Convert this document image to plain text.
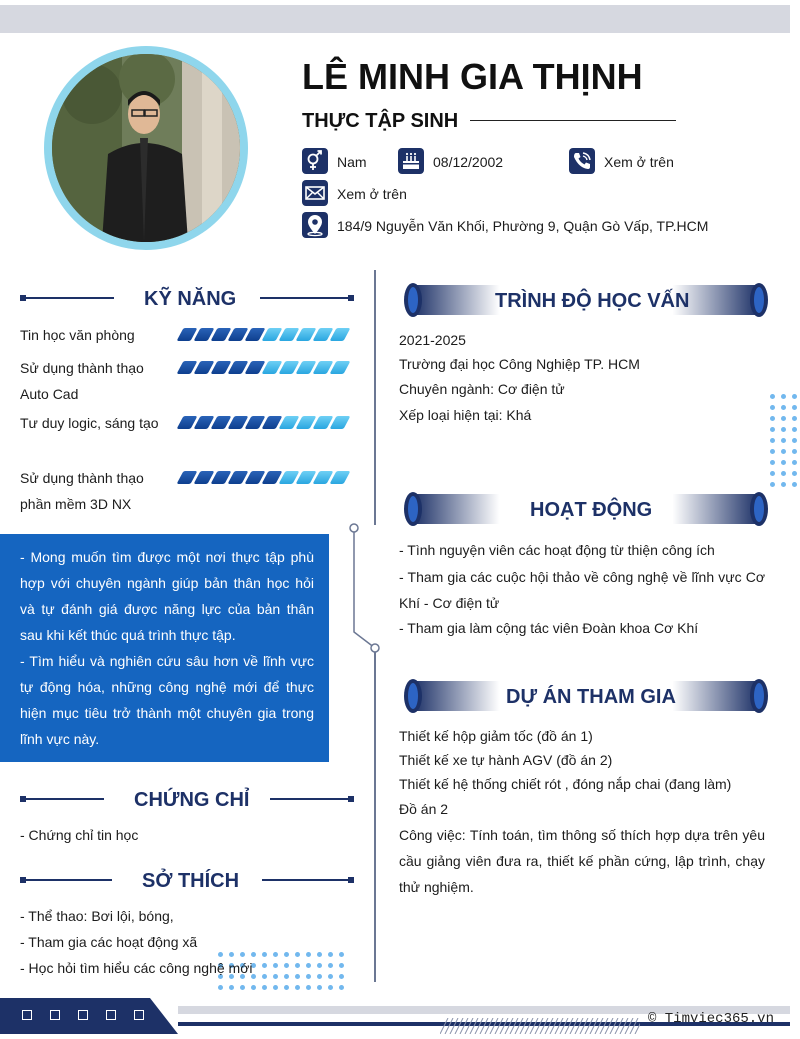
LÊ MINH GIA THỊNH
THỰC TẬP SINH
Nam	08/12/2002	Xem ở trên
Xem ở trên
184/9 Nguyễn Văn Khối, Phường 9, Quận Gò Vấp, TP.HCM
KỸ NĂNG
Tin học văn phòng
Sử dụng thành thạo Auto Cad
Tư duy logic, sáng tạo
Sử dụng thành thạo phần mềm 3D NX

- Mong muốn tìm được một nơi thực tập phù hợp với chuyên ngành giúp bản thân học hỏi và tự đánh giá được năng lực của bản thân sau khi kết thúc quá trình thực tập.

- Tìm hiểu và nghiên cứu sâu hơn về lĩnh vực tự động hóa, những công nghệ mới để thực hiện mục tiêu trở thành một chuyên gia trong lĩnh vực này.

CHỨNG CHỈ
- Chứng chỉ tin học
SỞ THÍCH
- Thể thao: Bơi lội, bóng,
- Tham gia các hoạt động xã
- Học hỏi tìm hiểu các công nghệ mới
TRÌNH ĐỘ HỌC VẤN
2021-2025
Trường đại học Công Nghiệp TP. HCM
Chuyên ngành: Cơ điện tử
Xếp loại hiện tại: Khá
HOẠT ĐỘNG
- Tình nguyện viên các hoạt động từ thiện công ích
- Tham gia các cuộc hội thảo về công nghệ về lĩnh vực Cơ Khí - Cơ điện tử
- Tham gia làm cộng tác viên Đoàn khoa Cơ Khí
DỰ ÁN THAM GIA
Thiết kế hộp giảm tốc (đồ án 1)
Thiết kế xe tự hành AGV (đồ án 2)
Thiết kế hệ thống chiết rót , đóng nắp chai (đang làm)
Đồ án 2
Công việc: Tính toán, tìm thông số thích hợp dựa trên yêu cầu giảng viên đưa ra, thiết kế phần cứng, lập trình, chạy thử nghiệm.
© Timviec365.vn
